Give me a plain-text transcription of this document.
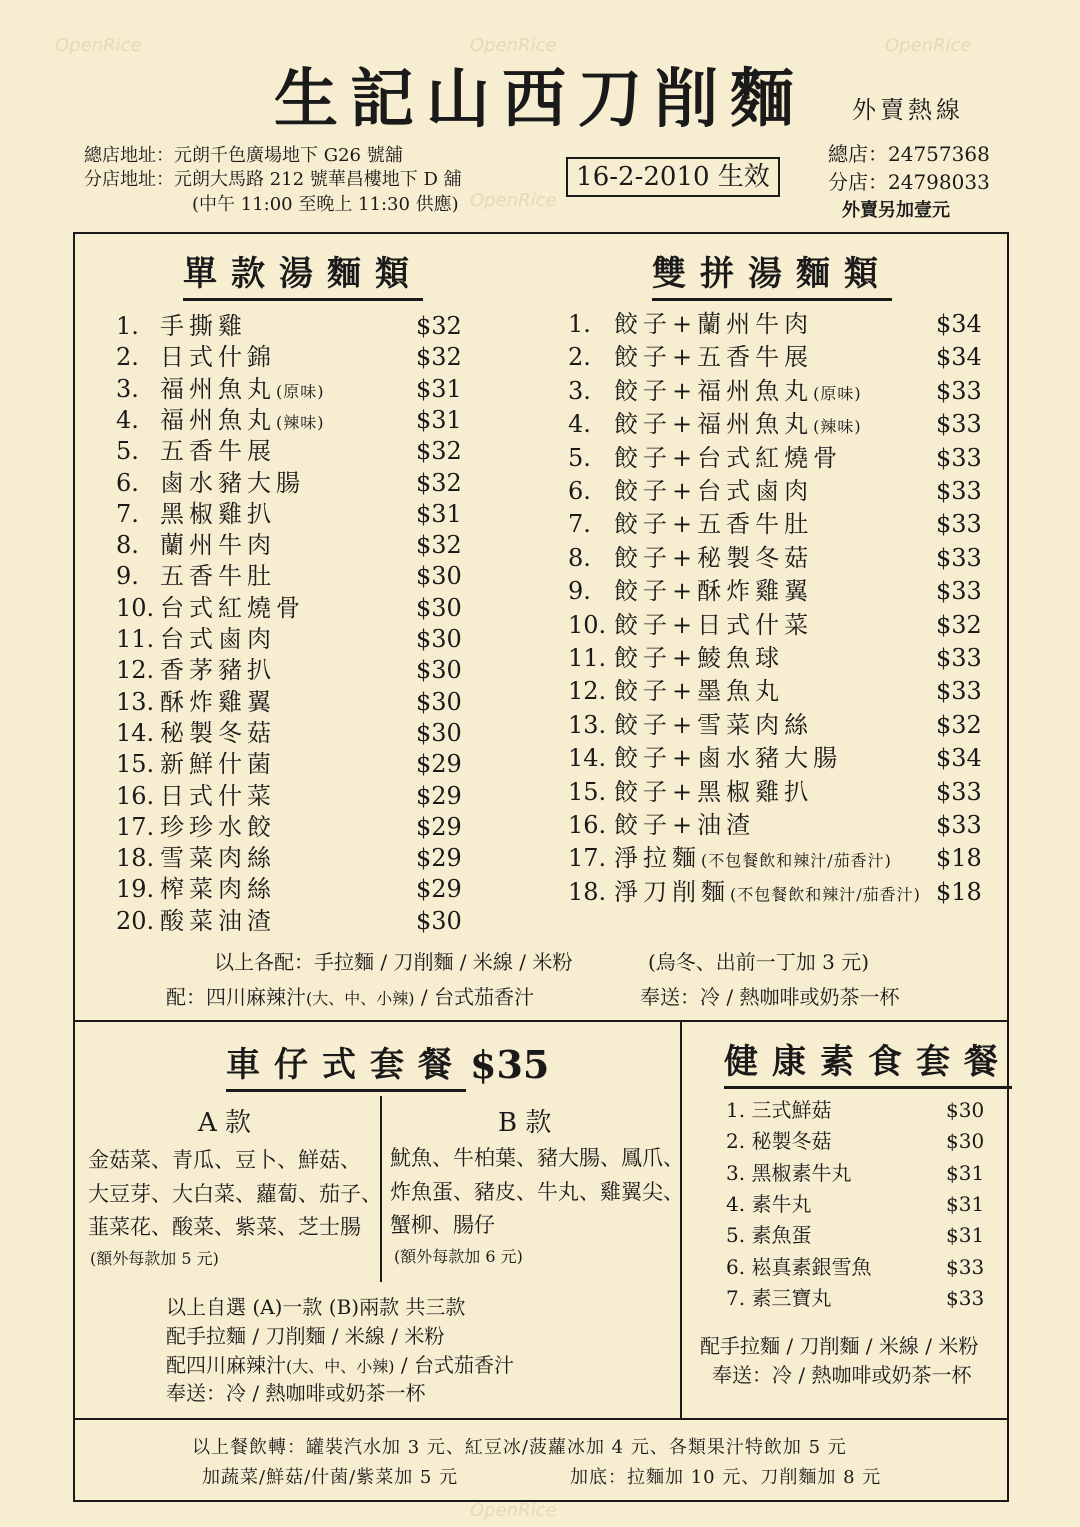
OpenRice	OpenRice	OpenRice
OpenRice
OpenRice
生記山西刀削麵	外賣熱線
總店地址：元朗千色廣場地下 G26 號舖
分店地址：元朗大馬路 212 號華昌樓地下 D 舖
(中午 11:00 至晚上 11:30 供應)
16-2-2010 生效
總店：24757368
分店：24798033
外賣另加壹元
單款湯麵類
1. 手撕雞	$32
2. 日式什錦	$32
3. 福州魚丸(原味)	$31
4. 福州魚丸(辣味)	$31
5. 五香牛展	$32
6. 鹵水豬大腸	$32
7. 黑椒雞扒	$31
8. 蘭州牛肉	$32
9. 五香牛肚	$30
10. 台式紅燒骨	$30
11. 台式鹵肉	$30
12. 香茅豬扒	$30
13. 酥炸雞翼	$30
14. 秘製冬菇	$30
15. 新鮮什菌	$29
16. 日式什菜	$29
17. 珍珍水餃	$29
18. 雪菜肉絲	$29
19. 榨菜肉絲	$29
20. 酸菜油渣	$30
雙拼湯麵類
1. 餃子+蘭州牛肉	$34
2. 餃子+五香牛展	$34
3. 餃子+福州魚丸(原味)	$33
4. 餃子+福州魚丸(辣味)	$33
5. 餃子+台式紅燒骨	$33
6. 餃子+台式鹵肉	$33
7. 餃子+五香牛肚	$33
8. 餃子+秘製冬菇	$33
9. 餃子+酥炸雞翼	$33
10. 餃子+日式什菜	$32
11. 餃子+鯪魚球	$33
12. 餃子+墨魚丸	$33
13. 餃子+雪菜肉絲	$32
14. 餃子+鹵水豬大腸	$34
15. 餃子+黑椒雞扒	$33
16. 餃子+油渣	$33
17. 淨拉麵(不包餐飲和辣汁/茄香汁) $18
18. 淨刀削麵(不包餐飲和辣汁/茄香汁) $18
以上各配：手拉麵 / 刀削麵 / 米線 / 米粉	(烏冬、出前一丁加 3 元)
配：四川麻辣汁(大、中、小辣) / 台式茄香汁	奉送：冷 / 熱咖啡或奶茶一杯
車仔式套餐 $35
A 款
金菇菜、青瓜、豆卜、鮮菇、
大豆芽、大白菜、蘿蔔、茄子、
韮菜花、酸菜、紫菜、芝士腸
(額外每款加 5 元)
B 款
魷魚、牛柏葉、豬大腸、鳳爪、
炸魚蛋、豬皮、牛丸、雞翼尖、
蟹柳、腸仔
(額外每款加 6 元)
以上自選 (A)一款 (B)兩款 共三款
配手拉麵 / 刀削麵 / 米線 / 米粉
配四川麻辣汁(大、中、小辣) / 台式茄香汁
奉送：冷 / 熱咖啡或奶茶一杯
健康素食套餐
1. 三式鮮菇	$30
2. 秘製冬菇	$30
3. 黑椒素牛丸	$31
4. 素牛丸	$31
5. 素魚蛋	$31
6. 崧真素銀雪魚	$33
7. 素三寶丸	$33
配手拉麵 / 刀削麵 / 米線 / 米粉
奉送：冷 / 熱咖啡或奶茶一杯
以上餐飲轉：罐裝汽水加 3 元、紅豆冰/菠蘿冰加 4 元、各類果汁特飲加 5 元
加蔬菜/鮮菇/什菌/紫菜加 5 元	加底：拉麵加 10 元、刀削麵加 8 元
